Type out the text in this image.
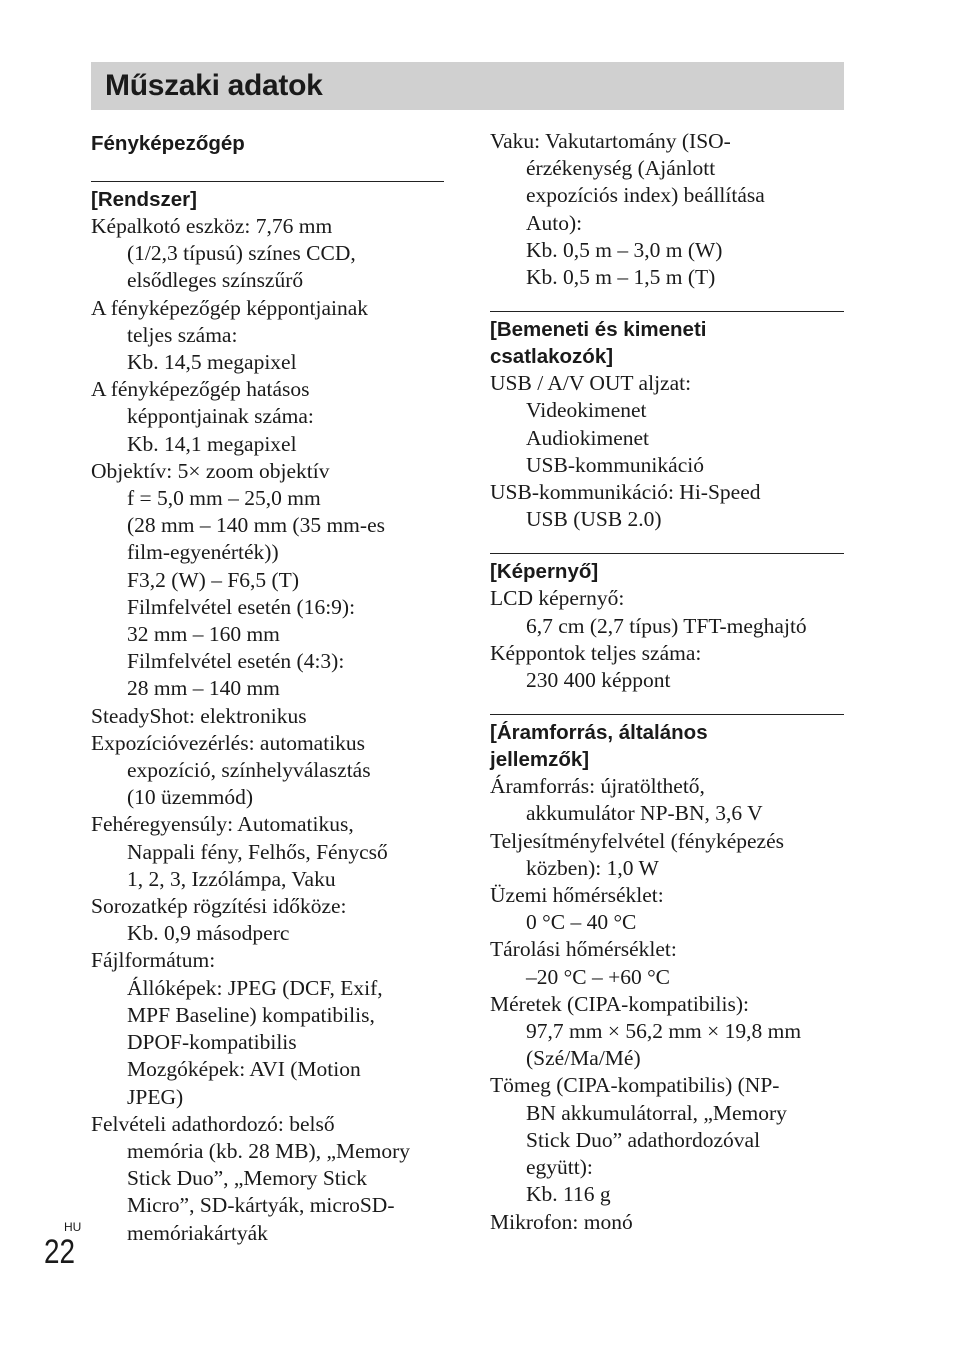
Műszaki adatok
Fényképezőgép
[Rendszer]
Képalkotó eszköz: 7,76 mm
(1/2,3 típusú) színes CCD,
elsődleges színszűrő
A fényképezőgép képpontjainak
teljes száma:
Kb. 14,5 megapixel
A fényképezőgép hatásos
képpontjainak száma:
Kb. 14,1 megapixel
Objektív: 5× zoom objektív
f = 5,0 mm – 25,0 mm
(28 mm – 140 mm (35 mm-es
film-egyenérték))
F3,2 (W) – F6,5 (T)
Filmfelvétel esetén (16:9):
32 mm – 160 mm
Filmfelvétel esetén (4:3):
28 mm – 140 mm
SteadyShot: elektronikus
Expozícióvezérlés: automatikus
expozíció, színhelyválasztás
(10 üzemmód)
Fehéregyensúly: Automatikus,
Nappali fény, Felhős, Fénycső
1, 2, 3, Izzólámpa, Vaku
Sorozatkép rögzítési időköze:
Kb. 0,9 másodperc
Fájlformátum:
Állóképek: JPEG (DCF, Exif,
MPF Baseline) kompatibilis,
DPOF-kompatibilis
Mozgóképek: AVI (Motion
JPEG)
Felvételi adathordozó: belső
memória (kb. 28 MB), „Memory
Stick Duo”, „Memory Stick
Micro”, SD-kártyák, microSD-
memóriakártyák
Vaku: Vakutartomány (ISO-
érzékenység (Ajánlott
expozíciós index) beállítása
Auto):
Kb. 0,5 m – 3,0 m (W)
Kb. 0,5 m – 1,5 m (T)
[Bemeneti és kimeneti
csatlakozók]
USB / A/V OUT aljzat:
Videokimenet
Audiokimenet
USB-kommunikáció
USB-kommunikáció: Hi-Speed
USB (USB 2.0)
[Képernyő]
LCD képernyő:
6,7 cm (2,7 típus) TFT-meghajtó
Képpontok teljes száma:
230 400 képpont
[Áramforrás, általános
jellemzők]
Áramforrás: újratölthető,
akkumulátor NP-BN, 3,6 V
Teljesítményfelvétel (fényképezés
közben): 1,0 W
Üzemi hőmérséklet:
0 °C – 40 °C
Tárolási hőmérséklet:
–20 °C – +60 °C
Méretek (CIPA-kompatibilis):
97,7 mm × 56,2 mm × 19,8 mm
(Szé/Ma/Mé)
Tömeg (CIPA-kompatibilis) (NP-
BN akkumulátorral, „Memory
Stick Duo” adathordozóval
együtt):
Kb. 116 g
Mikrofon: monó
HU
22
